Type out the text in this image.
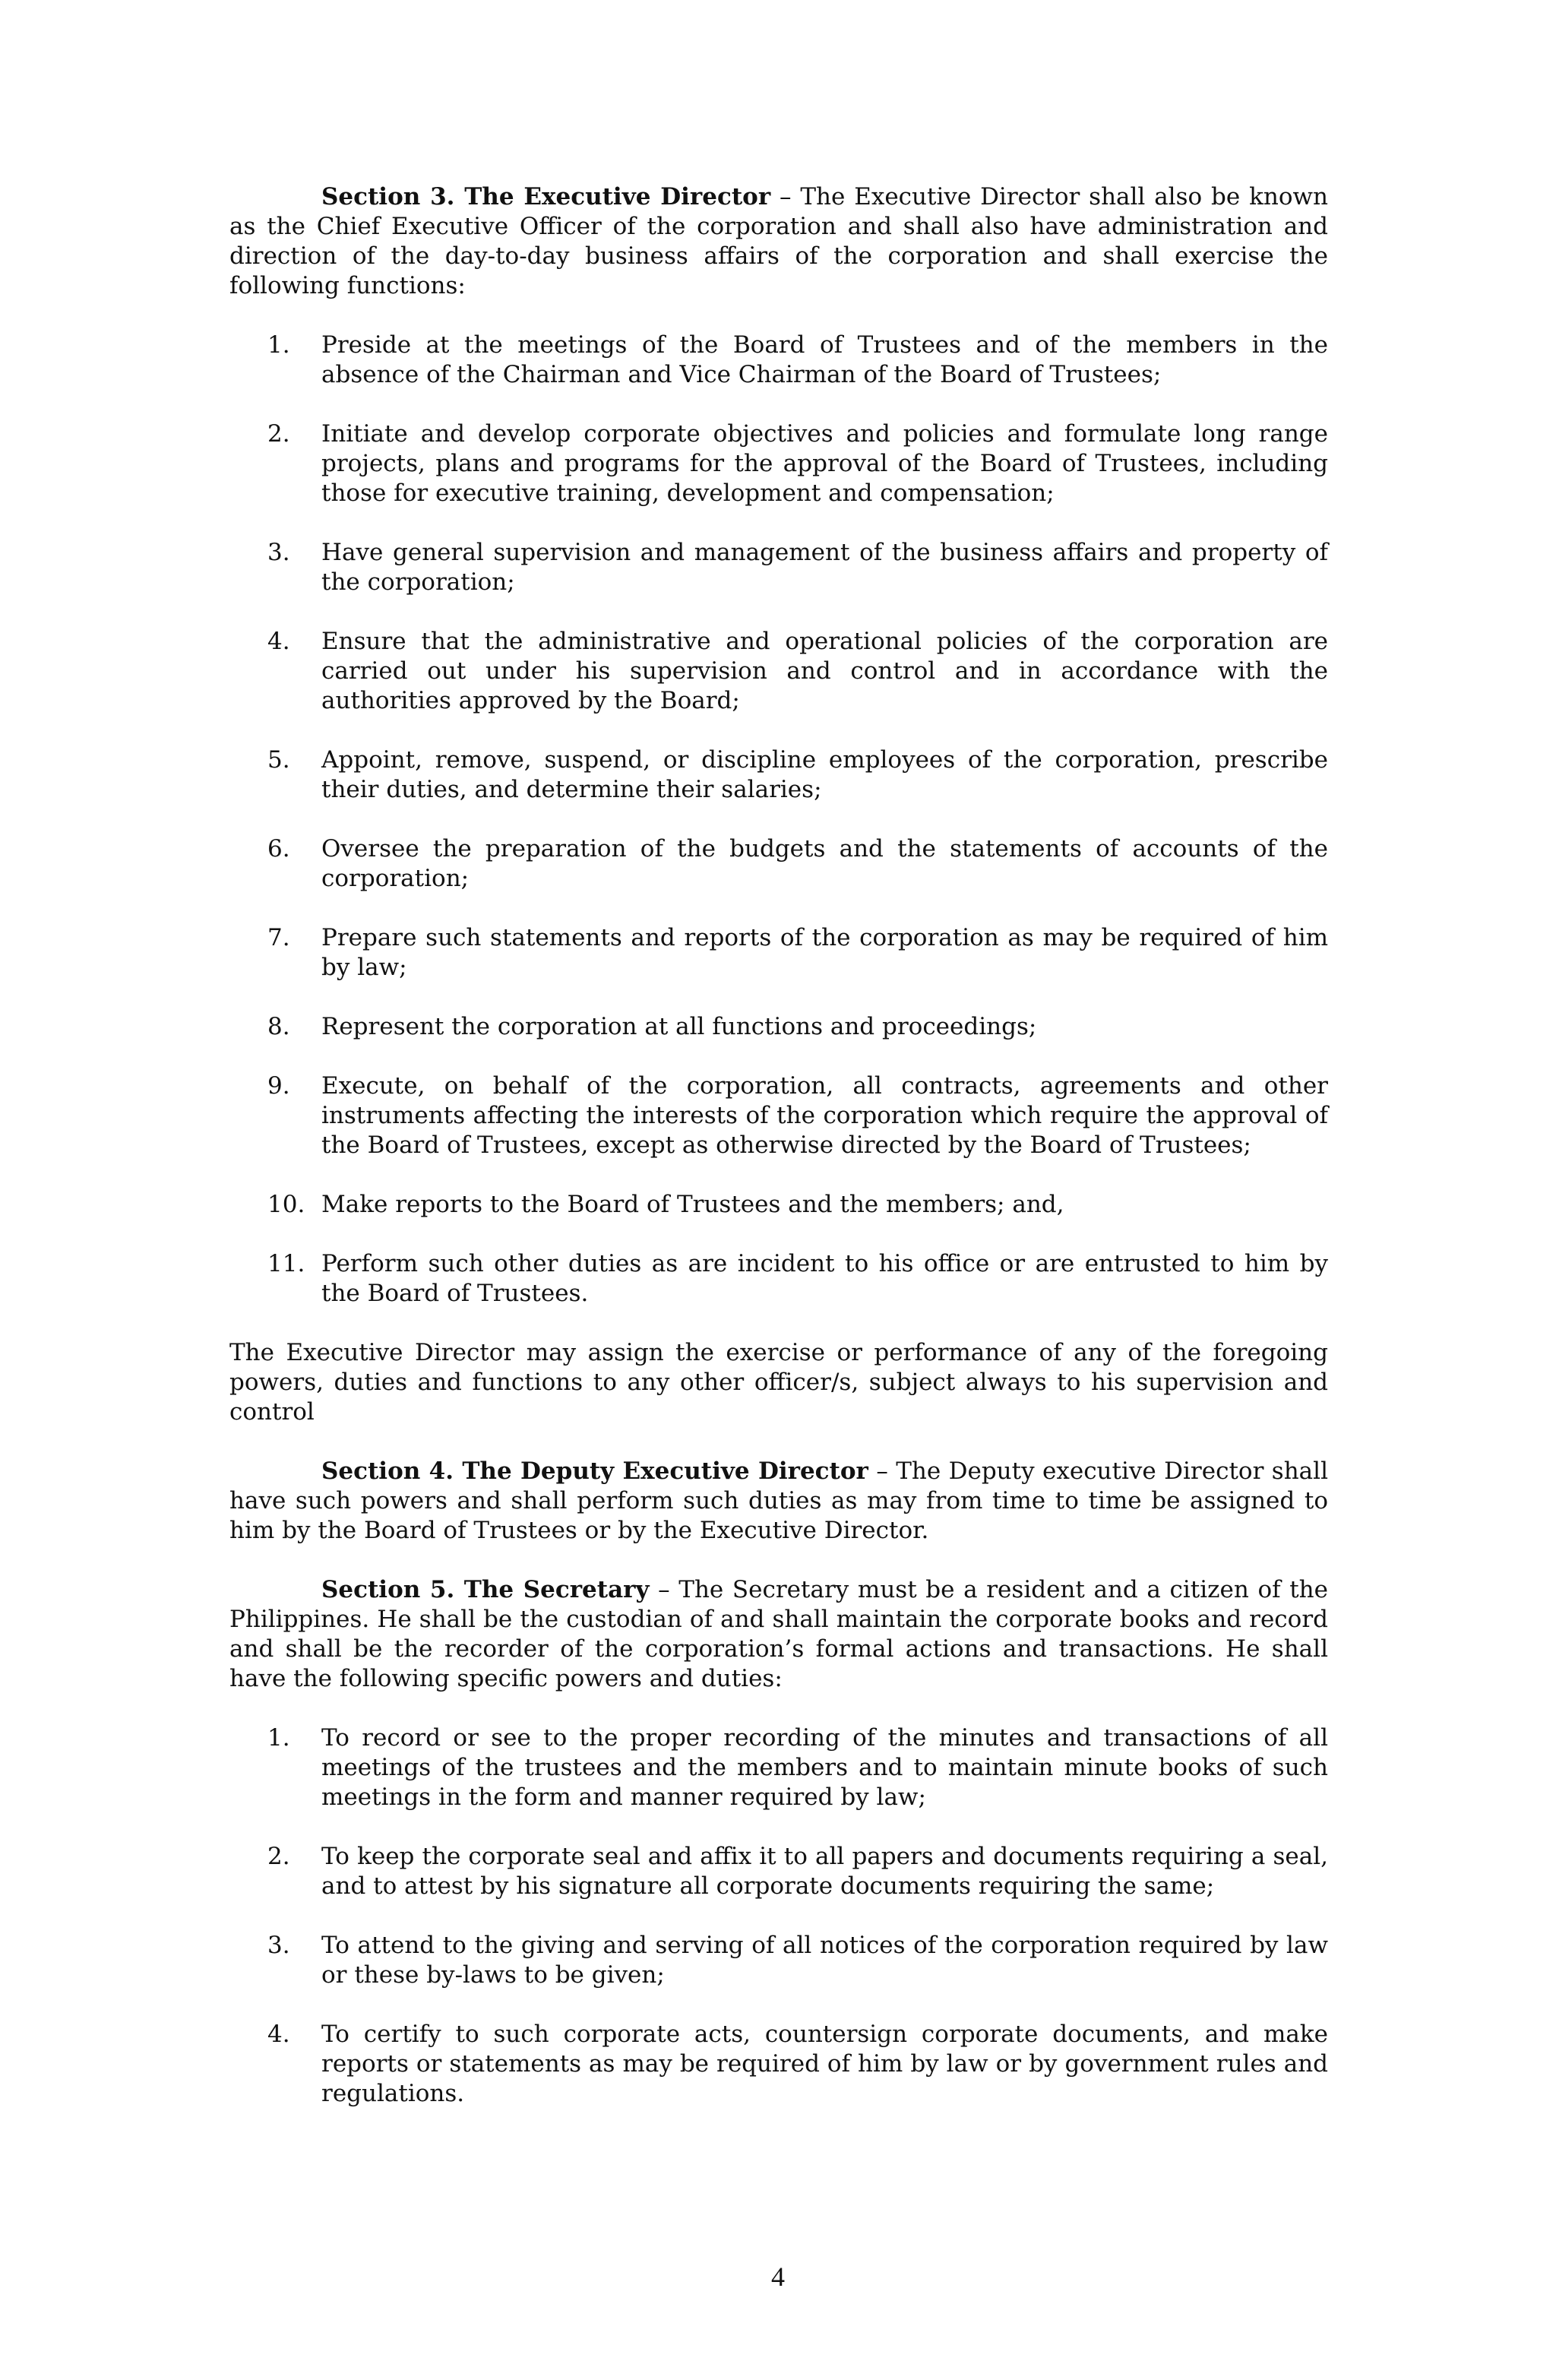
Section 3. The Executive Director – The Executive Director shall also be known as the Chief Executive Officer of the corporation and shall also have administration and direction of the day-to-day business affairs of the corporation and shall exercise the following functions:

1.	Preside at the meetings of the Board of Trustees and of the members in the absence of the Chairman and Vice Chairman of the Board of Trustees;
2.	Initiate and develop corporate objectives and policies and formulate long range projects, plans and programs for the approval of the Board of Trustees, including those for executive training, development and compensation;
3.	Have general supervision and management of the business affairs and property of the corporation;
4.	Ensure that the administrative and operational policies of the corporation are carried out under his supervision and control and in accordance with the authorities approved by the Board;
5.	Appoint, remove, suspend, or discipline employees of the corporation, prescribe their duties, and determine their salaries;
6.	Oversee the preparation of the budgets and the statements of accounts of the corporation;
7.	Prepare such statements and reports of the corporation as may be required of him by law;
8.	Represent the corporation at all functions and proceedings;
9.	Execute, on behalf of the corporation, all contracts, agreements and other instruments affecting the interests of the corporation which require the approval of the Board of Trustees, except as otherwise directed by the Board of Trustees;
10. Make reports to the Board of Trustees and the members; and,
11. Perform such other duties as are incident to his office or are entrusted to him by the Board of Trustees.

The Executive Director may assign the exercise or performance of any of the foregoing powers, duties and functions to any other officer/s, subject always to his supervision and control

Section 4. The Deputy Executive Director – The Deputy executive Director shall have such powers and shall perform such duties as may from time to time be assigned to him by the Board of Trustees or by the Executive Director.

Section 5. The Secretary – The Secretary must be a resident and a citizen of the Philippines. He shall be the custodian of and shall maintain the corporate books and record and shall be the recorder of the corporation’s formal actions and transactions. He shall have the following specific powers and duties:

1.	To record or see to the proper recording of the minutes and transactions of all meetings of the trustees and the members and to maintain minute books of such meetings in the form and manner required by law;
2.	To keep the corporate seal and affix it to all papers and documents requiring a seal, and to attest by his signature all corporate documents requiring the same;
3.	To attend to the giving and serving of all notices of the corporation required by law or these by-laws to be given;
4.	To certify to such corporate acts, countersign corporate documents, and make reports or statements as may be required of him by law or by government rules and regulations.
4
